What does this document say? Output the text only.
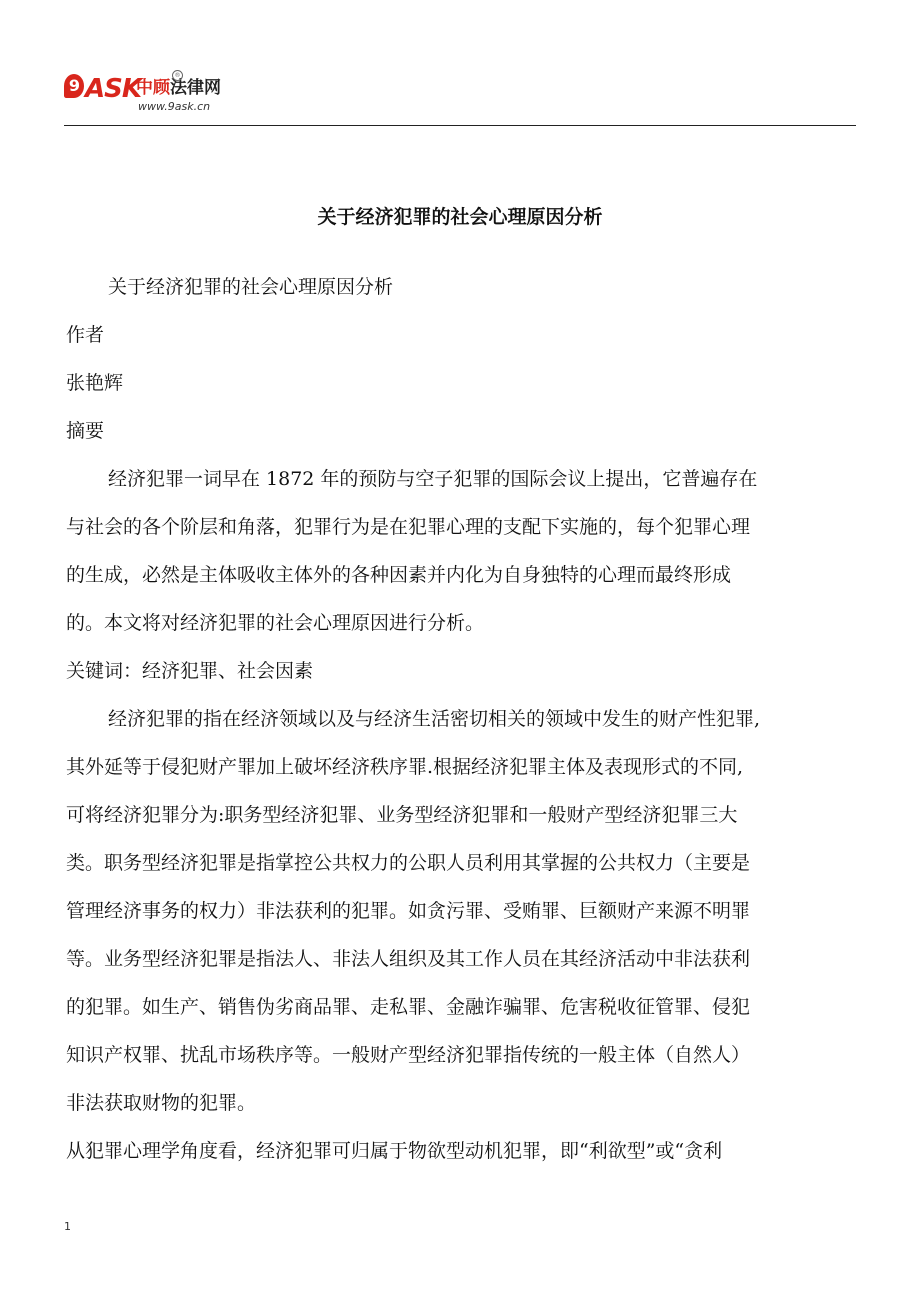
9 ASK
中顾法律网
®
www.9ask.cn
关于经济犯罪的社会心理原因分析
关于经济犯罪的社会心理原因分析
作者
张艳辉
摘要
经济犯罪一词早在 1872 年的预防与空子犯罪的国际会议上提出，它普遍存在
与社会的各个阶层和角落，犯罪行为是在犯罪心理的支配下实施的，每个犯罪心理
的生成，必然是主体吸收主体外的各种因素并内化为自身独特的心理而最终形成
的。本文将对经济犯罪的社会心理原因进行分析。
关键词：经济犯罪、社会因素
经济犯罪的指在经济领域以及与经济生活密切相关的领域中发生的财产性犯罪,
其外延等于侵犯财产罪加上破坏经济秩序罪.根据经济犯罪主体及表现形式的不同,
可将经济犯罪分为:职务型经济犯罪、业务型经济犯罪和一般财产型经济犯罪三大
类。职务型经济犯罪是指掌控公共权力的公职人员利用其掌握的公共权力（主要是
管理经济事务的权力）非法获利的犯罪。如贪污罪、受贿罪、巨额财产来源不明罪
等。业务型经济犯罪是指法人、非法人组织及其工作人员在其经济活动中非法获利
的犯罪。如生产、销售伪劣商品罪、走私罪、金融诈骗罪、危害税收征管罪、侵犯
知识产权罪、扰乱市场秩序等。一般财产型经济犯罪指传统的一般主体（自然人）
非法获取财物的犯罪。
从犯罪心理学角度看，经济犯罪可归属于物欲型动机犯罪，即“利欲型”或“贪利
1
